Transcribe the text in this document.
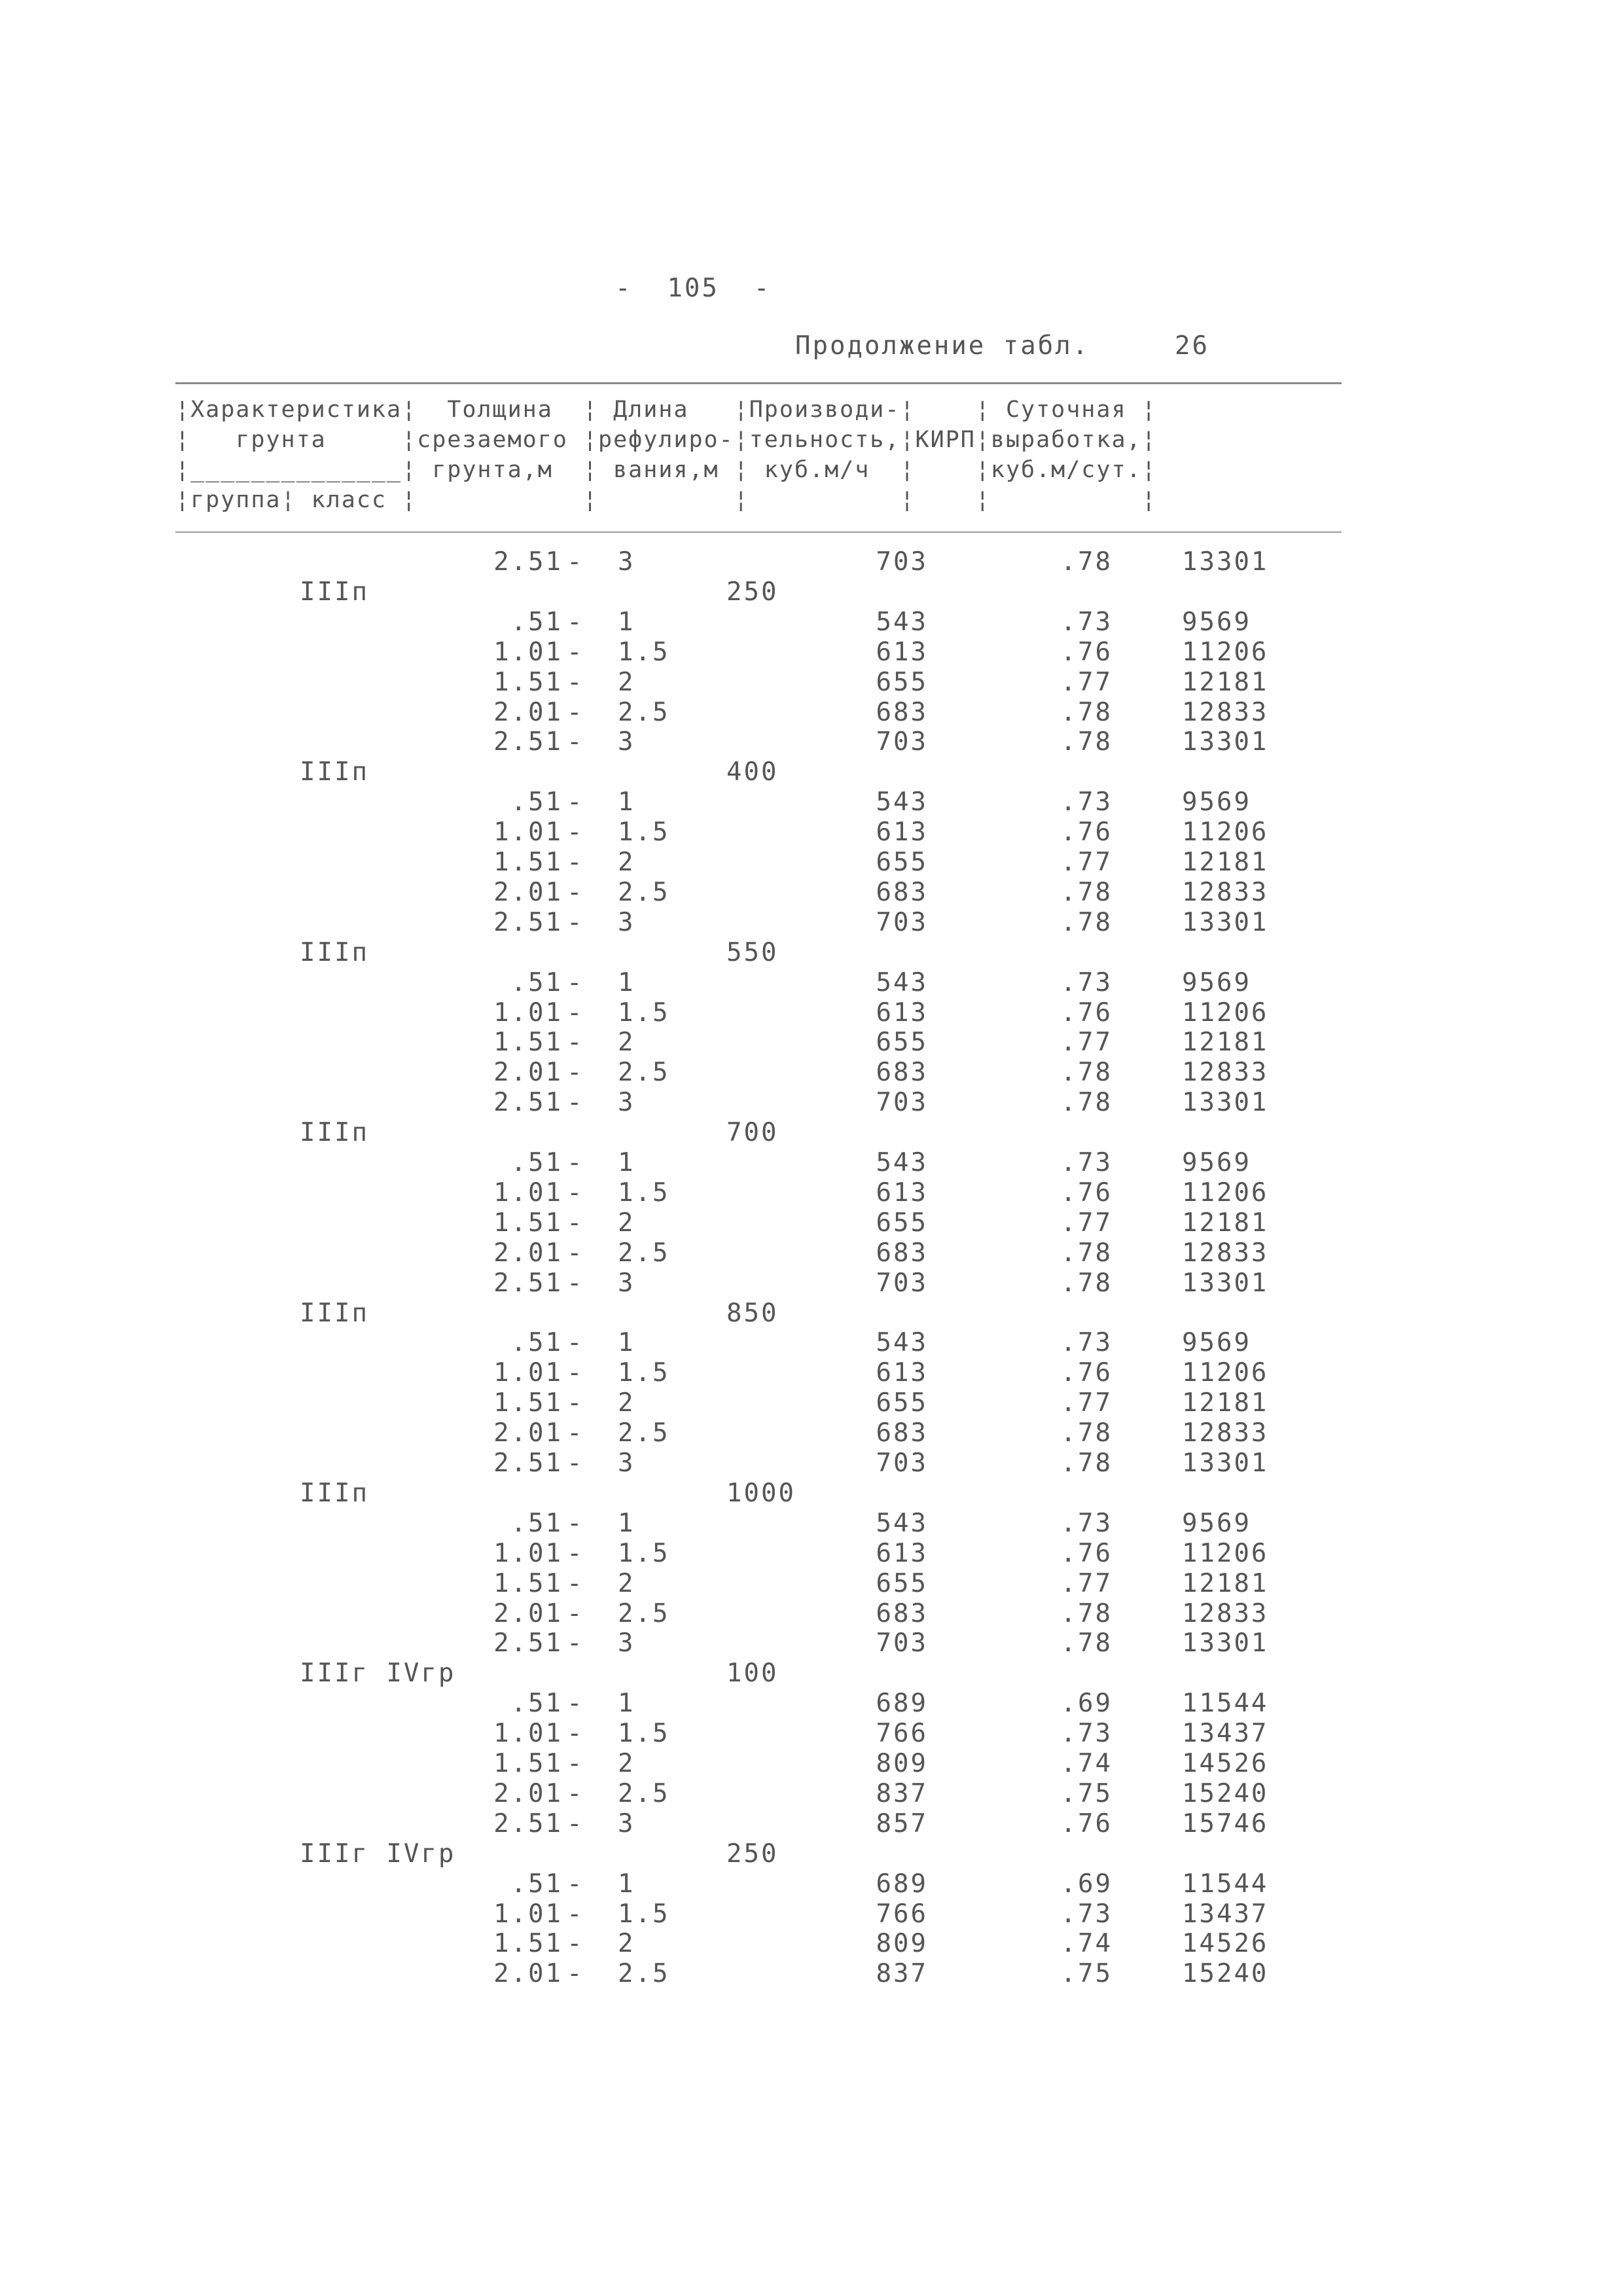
-  105  -
Продолжение табл.	26
¦Характеристика¦  Толщина  ¦ Длина   ¦Производи-¦    ¦ Суточная ¦
¦   грунта     ¦срезаемого ¦рефулиро-¦тельность,¦КИРП¦выработка,¦
¦______________¦ грунта,м  ¦ вания,м ¦ куб.м/ч  ¦    ¦куб.м/сут.¦
¦группа¦ класс ¦           ¦         ¦          ¦    ¦          ¦
2.51 - 3	703	.78	13301
IIIп	250
.51 - 1	543	.73	9569
1.01 - 1.5	613	.76	11206
1.51 - 2	655	.77	12181
2.01 - 2.5	683	.78	12833
2.51 - 3	703	.78	13301
IIIп	400
.51 - 1	543	.73	9569
1.01 - 1.5	613	.76	11206
1.51 - 2	655	.77	12181
2.01 - 2.5	683	.78	12833
2.51 - 3	703	.78	13301
IIIп	550
.51 - 1	543	.73	9569
1.01 - 1.5	613	.76	11206
1.51 - 2	655	.77	12181
2.01 - 2.5	683	.78	12833
2.51 - 3	703	.78	13301
IIIп	700
.51 - 1	543	.73	9569
1.01 - 1.5	613	.76	11206
1.51 - 2	655	.77	12181
2.01 - 2.5	683	.78	12833
2.51 - 3	703	.78	13301
IIIп	850
.51 - 1	543	.73	9569
1.01 - 1.5	613	.76	11206
1.51 - 2	655	.77	12181
2.01 - 2.5	683	.78	12833
2.51 - 3	703	.78	13301
IIIп	1000
.51 - 1	543	.73	9569
1.01 - 1.5	613	.76	11206
1.51 - 2	655	.77	12181
2.01 - 2.5	683	.78	12833
2.51 - 3	703	.78	13301
IIIг IVгр	100
.51 - 1	689	.69	11544
1.01 - 1.5	766	.73	13437
1.51 - 2	809	.74	14526
2.01 - 2.5	837	.75	15240
2.51 - 3	857	.76	15746
IIIг IVгр	250
.51 - 1	689	.69	11544
1.01 - 1.5	766	.73	13437
1.51 - 2	809	.74	14526
2.01 - 2.5	837	.75	15240
